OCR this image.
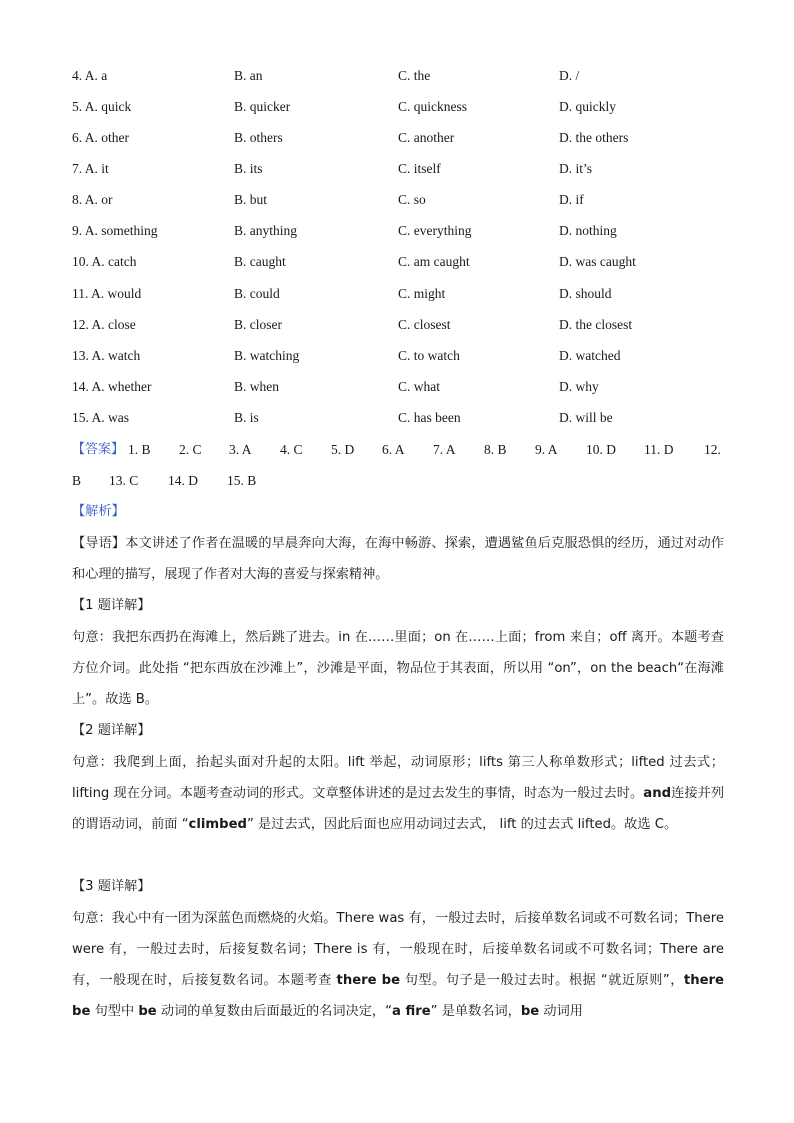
4. A. a	B. an	C. the	D. /
5. A. quick	B. quicker	C. quickness	D. quickly
6. A. other	B. others	C. another	D. the others
7. A. it	B. its	C. itself	D. it’s
8. A. or	B. but	C. so	D. if
9. A. something	B. anything	C. everything	D. nothing
10. A. catch	B. caught	C. am caught	D. was caught
11. A. would	B. could	C. might	D. should
12. A. close	B. closer	C. closest	D. the closest
13. A. watch	B. watching	C. to watch	D. watched
14. A. whether	B. when	C. what	D. why
15. A. was	B. is	C. has been	D. will be
【答案】 1. B 2. C 3. A 4. C 5. D 6. A 7. A 8. B 9. A 10. D 11. D 12.
B 13. C 14. D 15. B
【解析】
【导语】本文讲述了作者在温暖的早晨奔向大海，在海中畅游、探索，遭遇鲨鱼后克服恐惧的经历，通过对动作和心理的描写，展现了作者对大海的喜爱与探索精神。
【1 题详解】
句意：我把东西扔在海滩上，然后跳了进去。in 在……里面；on 在……上面；from 来自；off 离开。本题考查方位介词。此处指 “把东西放在沙滩上”，沙滩是平面，物品位于其表面，所以用 “on”，on the beach“在海滩上”。故选 B。
【2 题详解】
句意：我爬到上面，抬起头面对升起的太阳。lift 举起，动词原形；lifts 第三人称单数形式；lifted 过去式；lifting 现在分词。本题考查动词的形式。文章整体讲述的是过去发生的事情，时态为一般过去时。and连接并列的谓语动词，前面 “climbed” 是过去式，因此后面也应用动词过去式， lift 的过去式 lifted。故选 C。
【3 题详解】
句意：我心中有一团为深蓝色而燃烧的火焰。There was 有，一般过去时，后接单数名词或不可数名词；There were 有，一般过去时，后接复数名词；There is 有，一般现在时，后接单数名词或不可数名词；There are 有，一般现在时，后接复数名词。本题考查 there be 句型。句子是一般过去时。根据 “就近原则”，there be 句型中 be 动词的单复数由后面最近的名词决定，“a fire” 是单数名词，be 动词用
